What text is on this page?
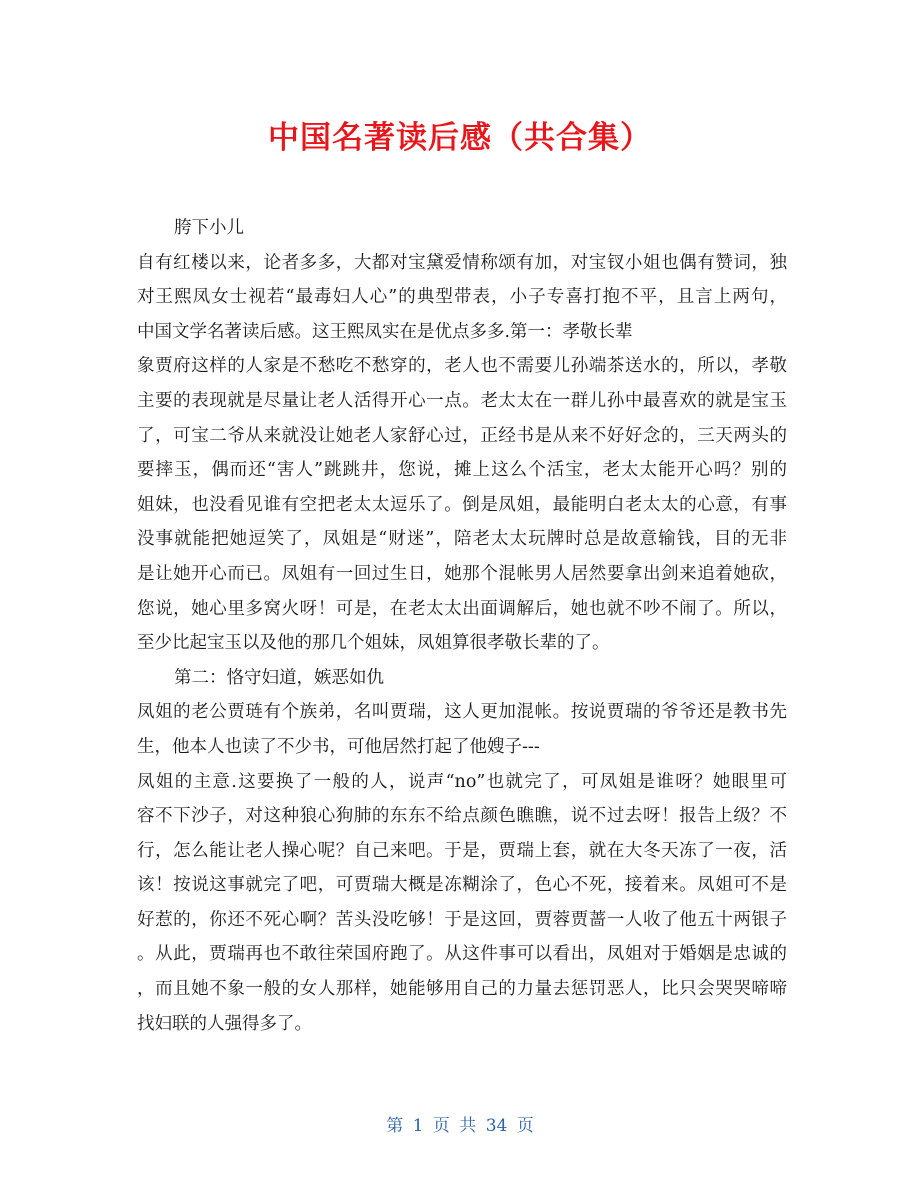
中国名著读后感（共合集）
胯下小儿
自有红楼以来，论者多多，大都对宝黛爱情称颂有加，对宝钗小姐也偶有赞词，独
对王熙凤女士视若“最毒妇人心”的典型带表，小子专喜打抱不平，且言上两句，
中国文学名著读后感。这王熙凤实在是优点多多.第一：孝敬长辈
象贾府这样的人家是不愁吃不愁穿的，老人也不需要儿孙端茶送水的，所以，孝敬
主要的表现就是尽量让老人活得开心一点。老太太在一群儿孙中最喜欢的就是宝玉
了，可宝二爷从来就没让她老人家舒心过，正经书是从来不好好念的，三天两头的
要摔玉，偶而还“害人”跳跳井，您说，摊上这么个活宝，老太太能开心吗？别的
姐妹，也没看见谁有空把老太太逗乐了。倒是凤姐，最能明白老太太的心意，有事
没事就能把她逗笑了，凤姐是“财迷”，陪老太太玩牌时总是故意输钱，目的无非
是让她开心而已。凤姐有一回过生日，她那个混帐男人居然要拿出剑来追着她砍，
您说，她心里多窝火呀！可是，在老太太出面调解后，她也就不吵不闹了。所以，
至少比起宝玉以及他的那几个姐妹，凤姐算很孝敬长辈的了。
第二：恪守妇道，嫉恶如仇
凤姐的老公贾琏有个族弟，名叫贾瑞，这人更加混帐。按说贾瑞的爷爷还是教书先
生，他本人也读了不少书，可他居然打起了他嫂子---
凤姐的主意.这要换了一般的人，说声“no”也就完了，可凤姐是谁呀？她眼里可
容不下沙子，对这种狼心狗肺的东东不给点颜色瞧瞧，说不过去呀！报告上级？不
行，怎么能让老人操心呢？自己来吧。于是，贾瑞上套，就在大冬天冻了一夜，活
该！按说这事就完了吧，可贾瑞大概是冻糊涂了，色心不死，接着来。凤姐可不是
好惹的，你还不死心啊？苦头没吃够！于是这回，贾蓉贾蔷一人收了他五十两银子
。从此，贾瑞再也不敢往荣国府跑了。从这件事可以看出，凤姐对于婚姻是忠诚的
，而且她不象一般的女人那样，她能够用自己的力量去惩罚恶人，比只会哭哭啼啼
找妇联的人强得多了。
第 1 页 共 34 页
